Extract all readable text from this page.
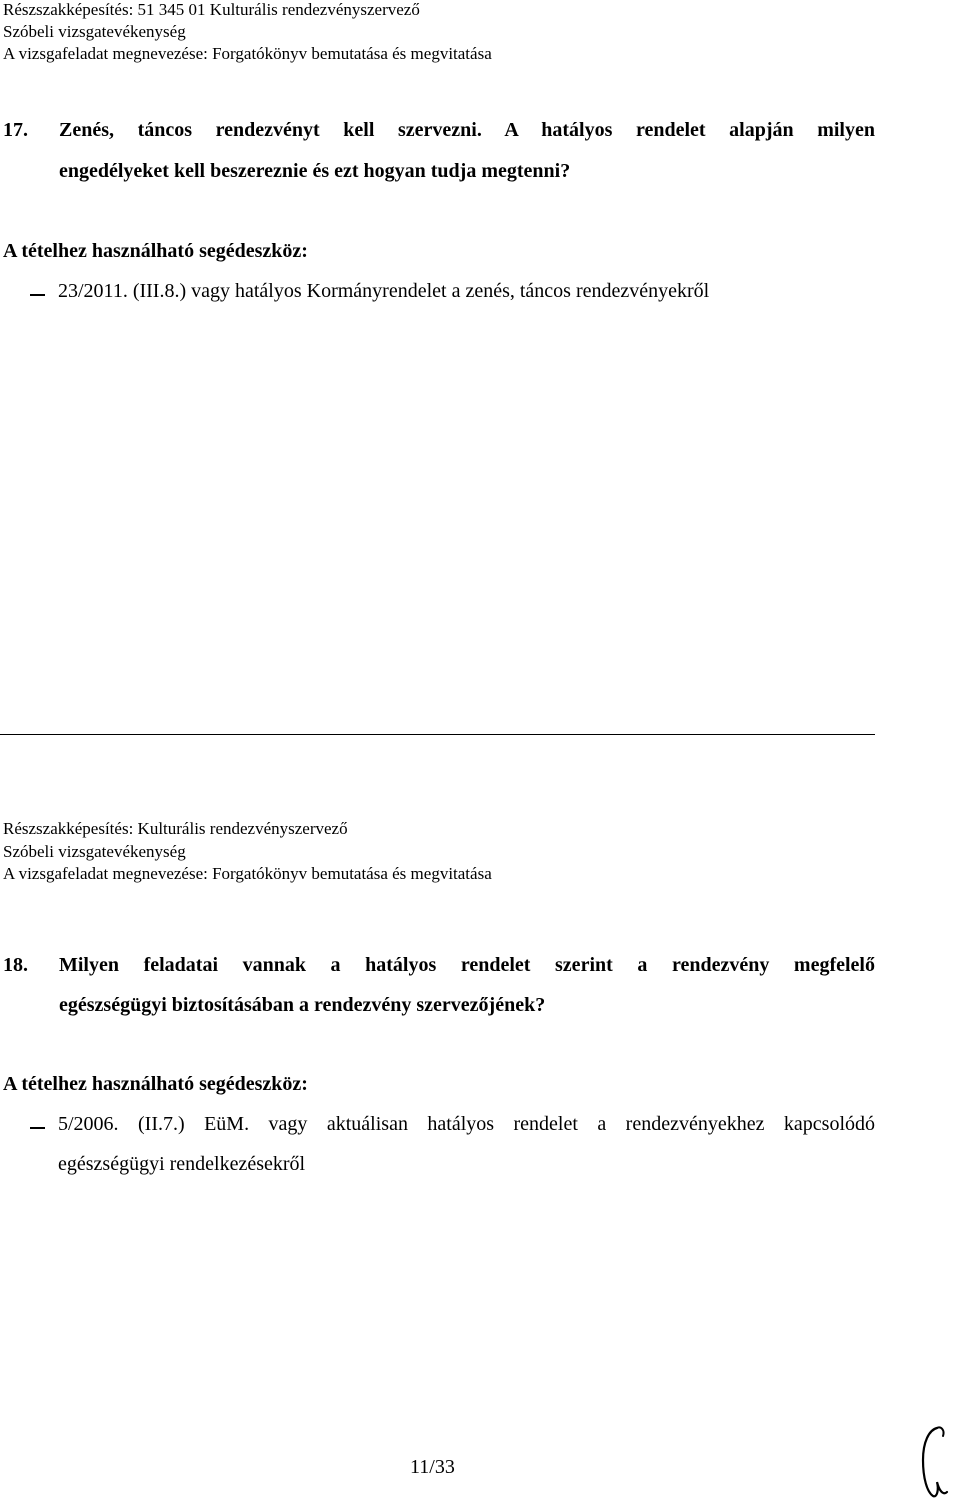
Részszakképesítés: 51 345 01 Kulturális rendezvényszervező
Szóbeli vizsgatevékenység
A vizsgafeladat megnevezése: Forgatókönyv bemutatása és megvitatása
17. Zenés, táncos rendezvényt kell szervezni. A hatályos rendelet alapján milyen
engedélyeket kell beszereznie és ezt hogyan tudja megtenni?
A tételhez használható segédeszköz:
23/2011. (III.8.) vagy hatályos Kormányrendelet a zenés, táncos rendezvényekről
Részszakképesítés: Kulturális rendezvényszervező
Szóbeli vizsgatevékenység
A vizsgafeladat megnevezése: Forgatókönyv bemutatása és megvitatása
18. Milyen feladatai vannak a hatályos rendelet szerint a rendezvény megfelelő
egészségügyi biztosításában a rendezvény szervezőjének?
A tételhez használható segédeszköz:
5/2006. (II.7.) EüM. vagy aktuálisan hatályos rendelet a rendezvényekhez kapcsolódó
egészségügyi rendelkezésekről
11/33
